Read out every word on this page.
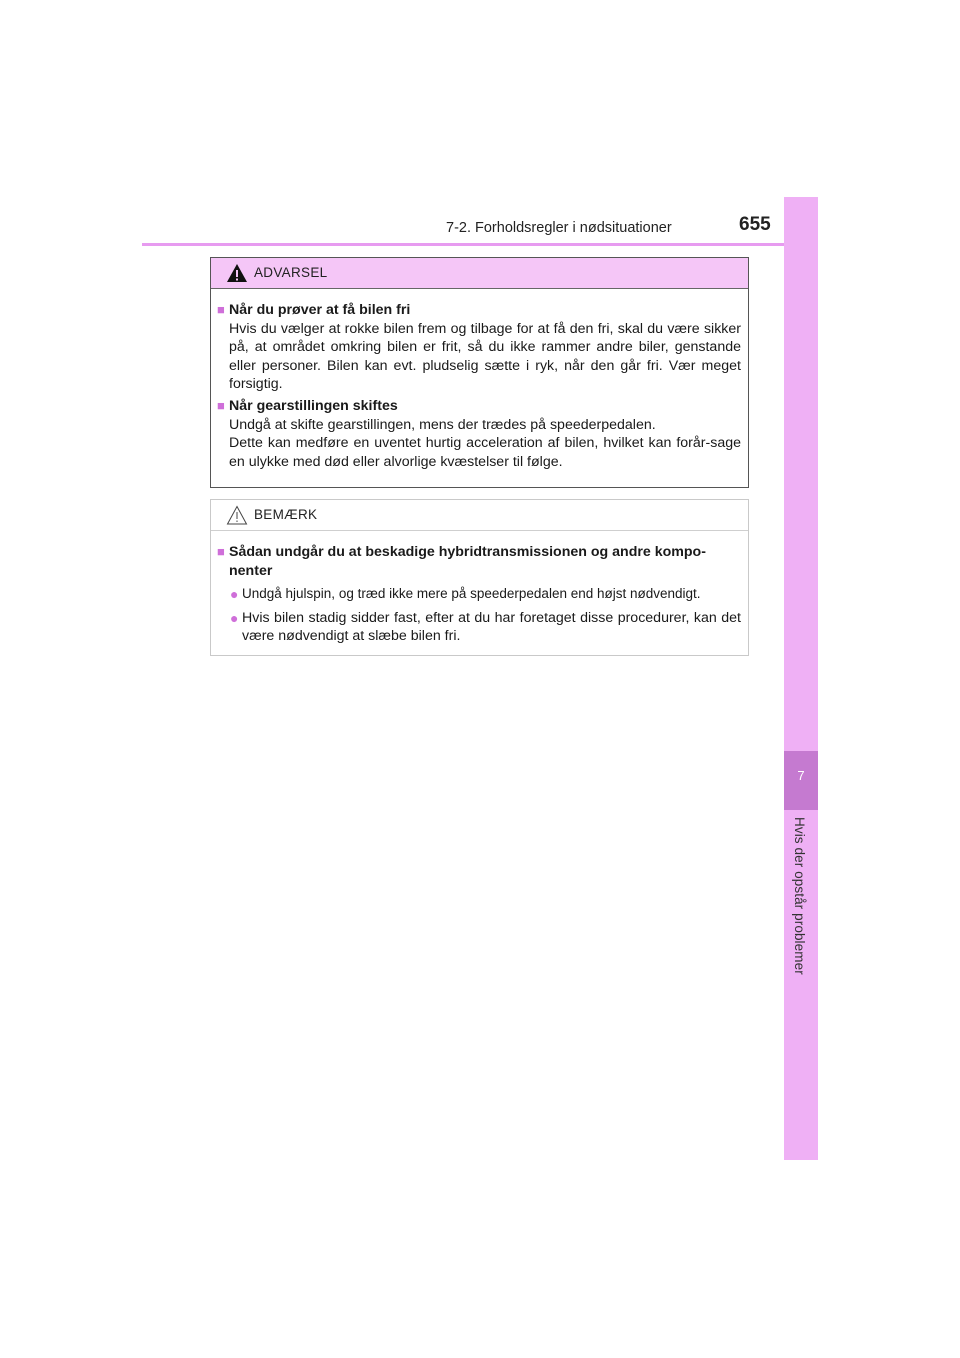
7-2. Forholdsregler i nødsituationer	655
7
Hvis der opstår problemer
ADVARSEL
■ Når du prøver at få bilen fri
Hvis du vælger at rokke bilen frem og tilbage for at få den fri, skal du være sikker på, at området omkring bilen er frit, så du ikke rammer andre biler, genstande eller personer. Bilen kan evt. pludselig sætte i ryk, når den går fri. Vær meget forsigtig.
■ Når gearstillingen skiftes
Undgå at skifte gearstillingen, mens der trædes på speederpedalen.
Dette kan medføre en uventet hurtig acceleration af bilen, hvilket kan forår-sage en ulykke med død eller alvorlige kvæstelser til følge.
BEMÆRK
■ Sådan undgår du at beskadige hybridtransmissionen og andre kompo-nenter
● Undgå hjulspin, og træd ikke mere på speederpedalen end højst nødvendigt.
● Hvis bilen stadig sidder fast, efter at du har foretaget disse procedurer, kan det være nødvendigt at slæbe bilen fri.
